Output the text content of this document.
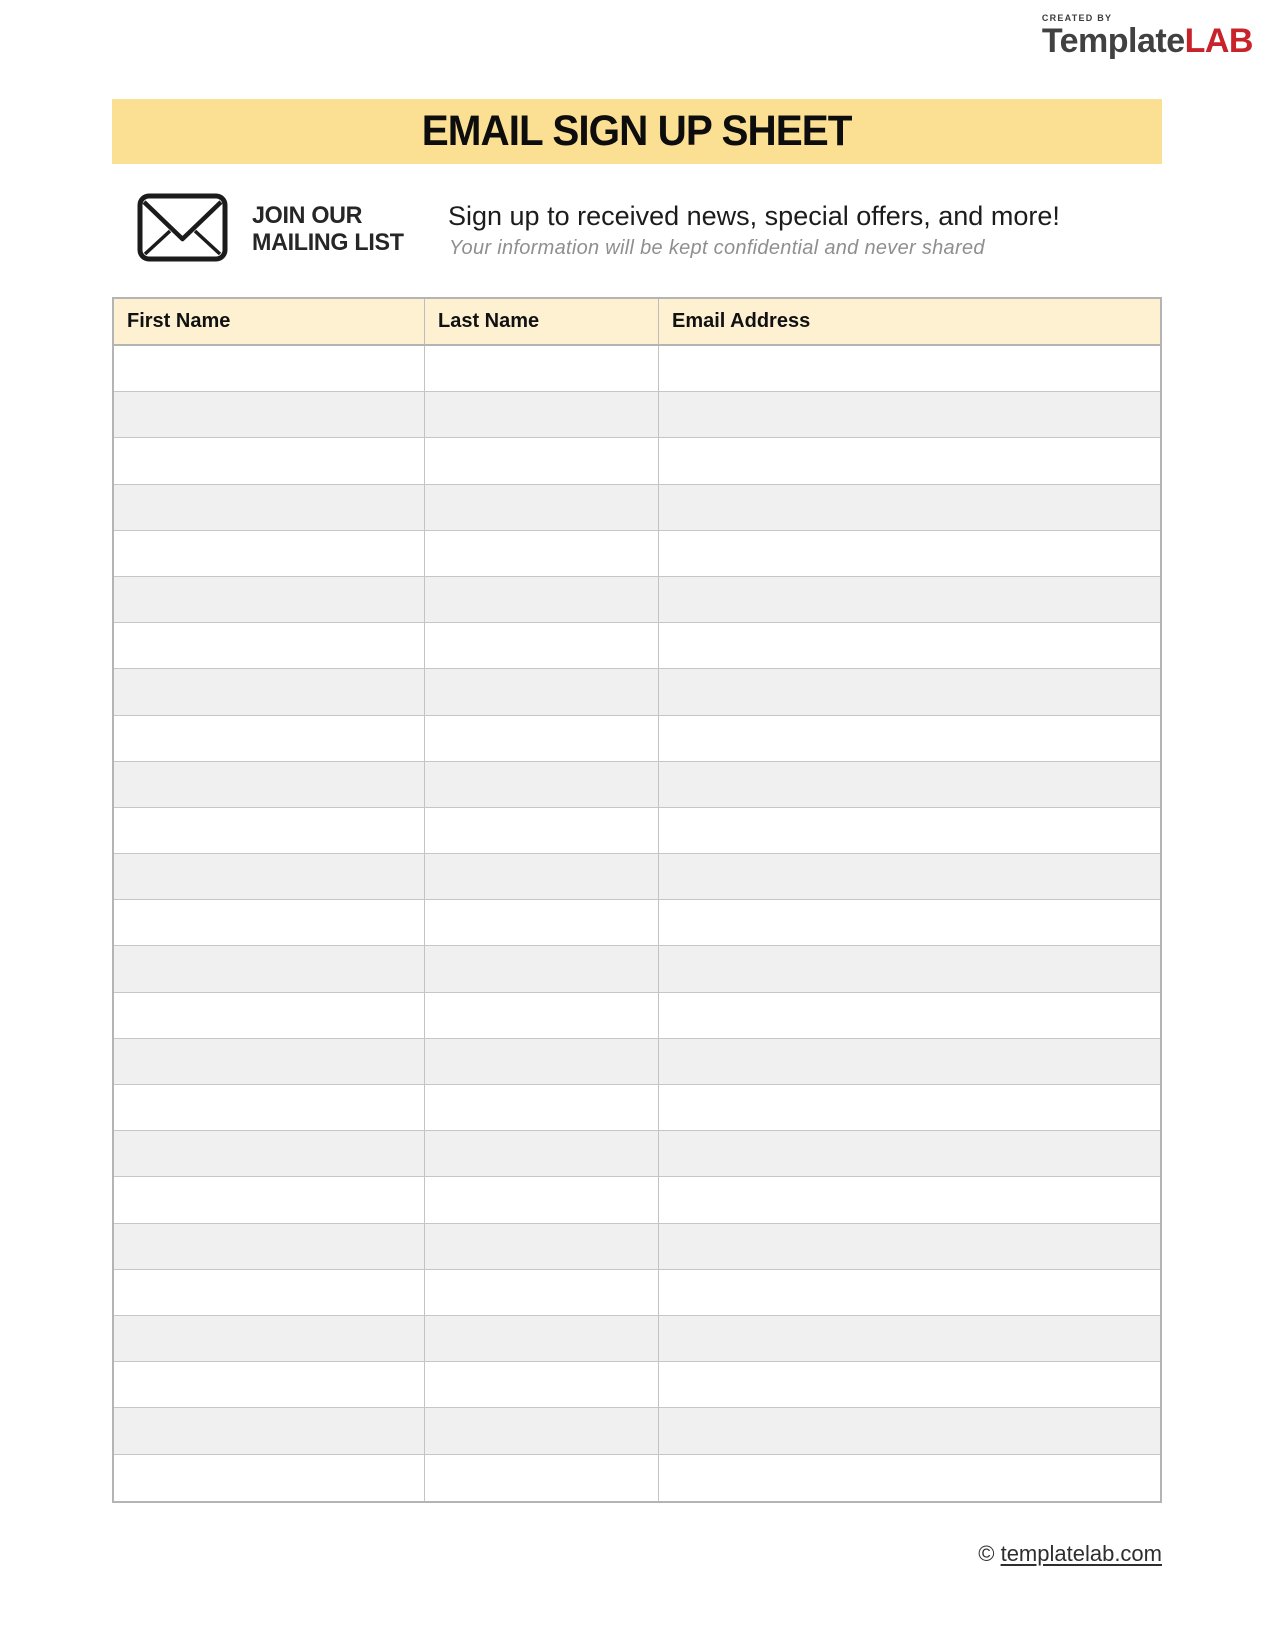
CREATED BY
TemplateLAB
EMAIL SIGN UP SHEET
JOIN OUR
MAILING LIST
Sign up to received news, special offers, and more!
Your information will be kept confidential and never shared
First Name	Last Name	Email Address
© templatelab.com
